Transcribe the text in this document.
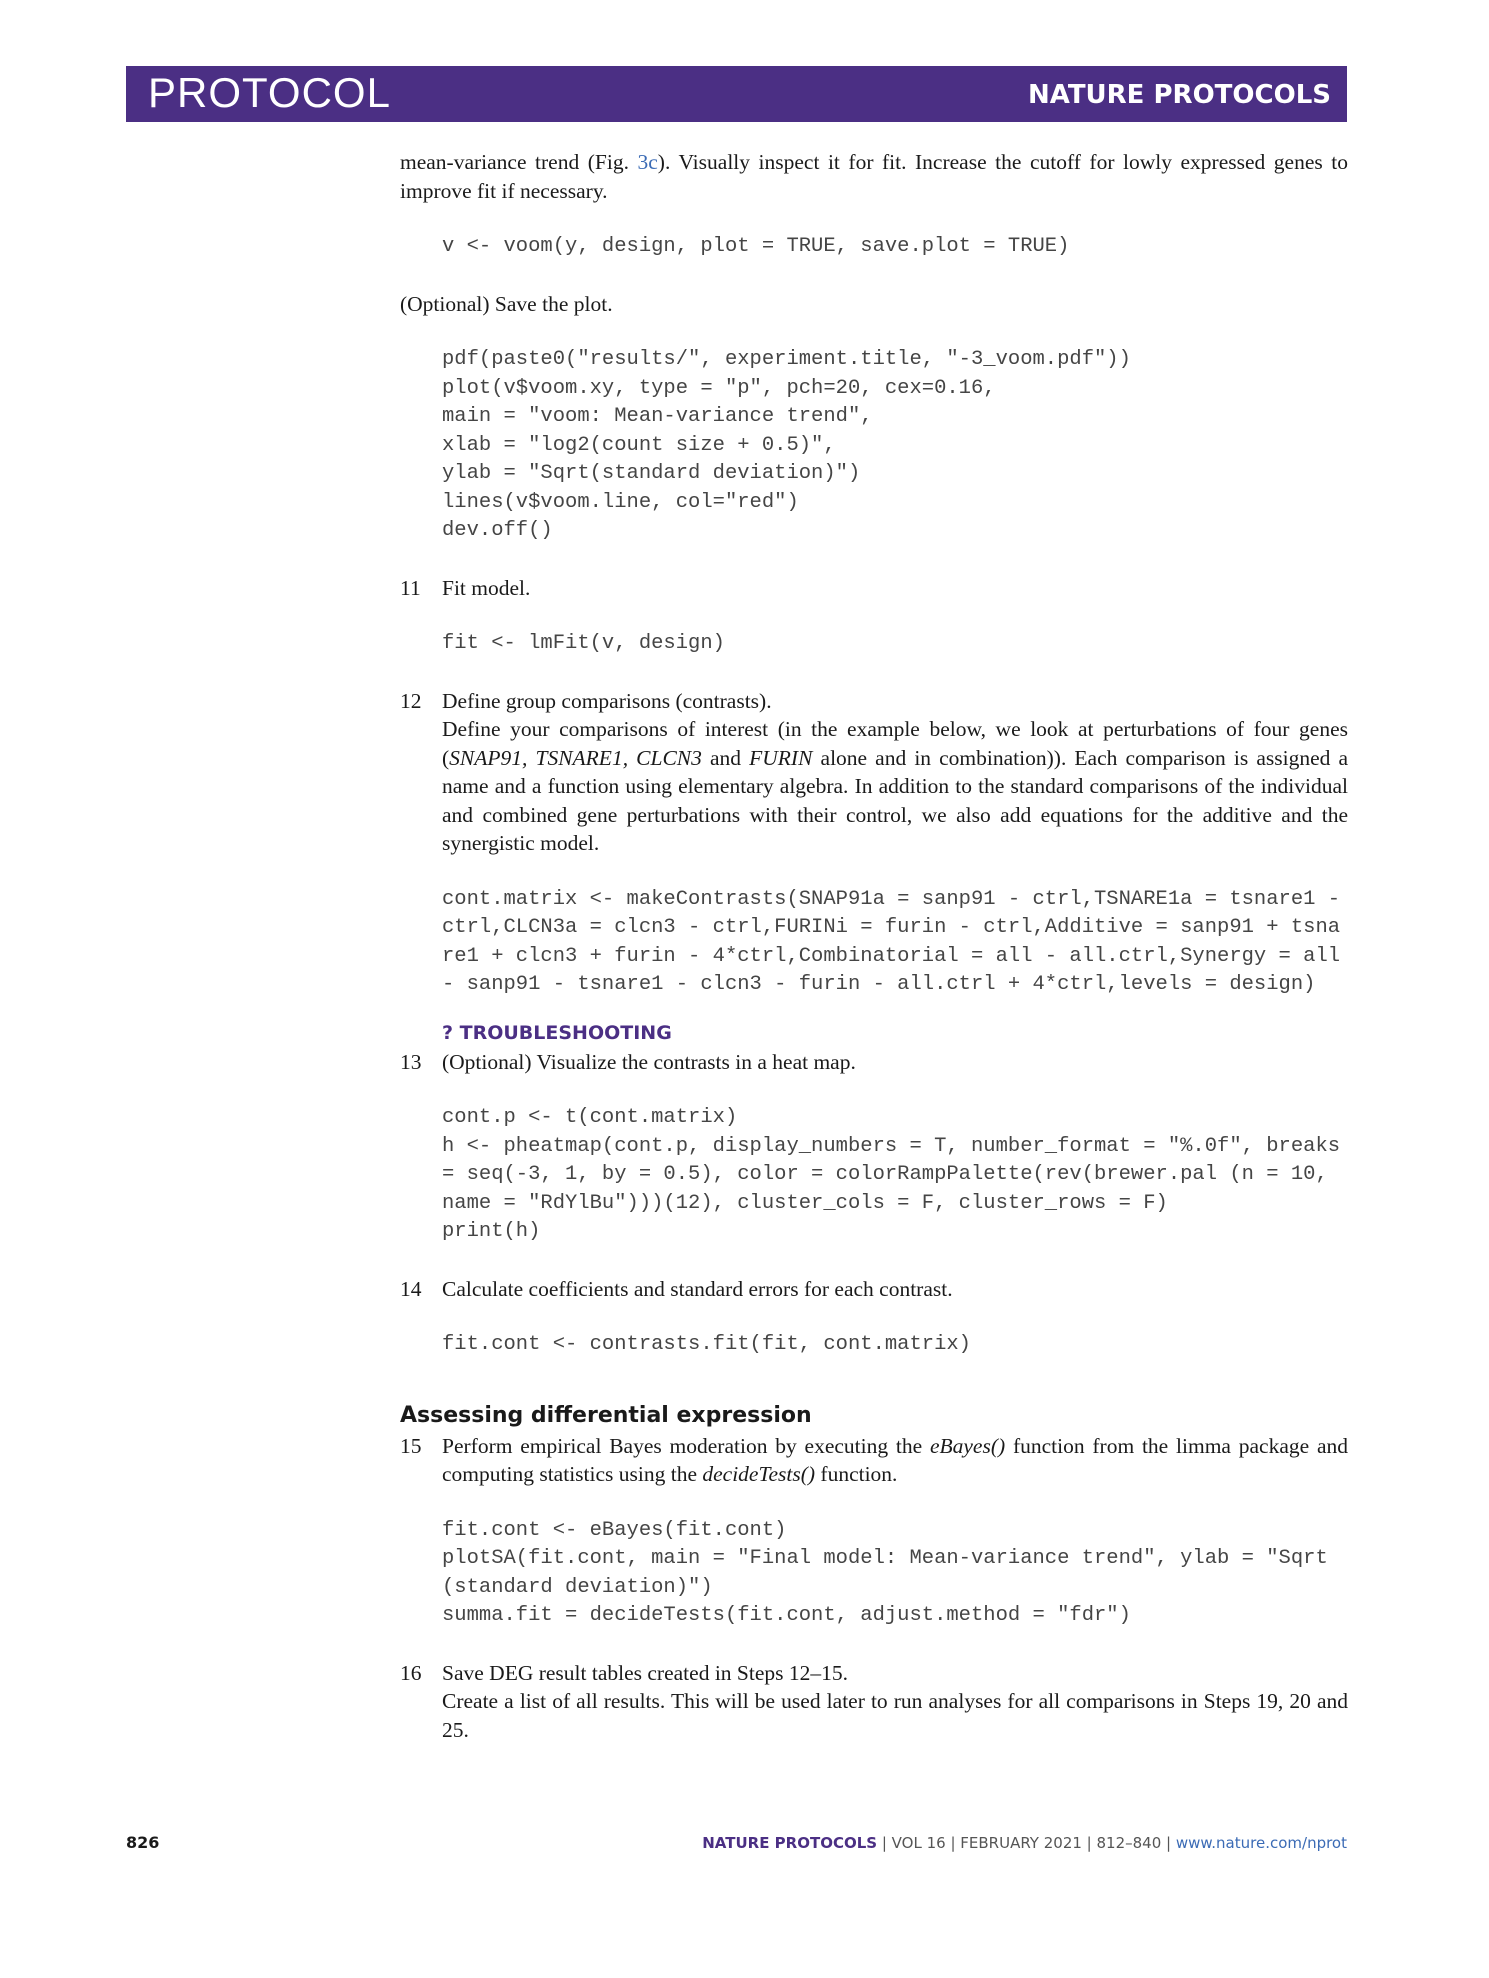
PROTOCOL	NATURE PROTOCOLS

mean-variance trend (Fig. 3c). Visually inspect it for fit. Increase the cutoff for lowly expressed genes to improve fit if necessary.

v <- voom(y, design, plot = TRUE, save.plot = TRUE)

(Optional) Save the plot.

pdf(paste0("results/", experiment.title, "-3_voom.pdf"))
plot(v$voom.xy, type = "p", pch=20, cex=0.16,
main = "voom: Mean-variance trend",
xlab = "log2(count size + 0.5)",
ylab = "Sqrt(standard deviation)")
lines(v$voom.line, col="red")
dev.off()
11 Fit model.

fit <- lmFit(v, design)
12 Define group comparisons (contrasts).

Define your comparisons of interest (in the example below, we look at perturbations of four genes (SNAP91, TSNARE1, CLCN3 and FURIN alone and in combination)). Each comparison is assigned a name and a function using elementary algebra. In addition to the standard comparisons of the individual and combined gene perturbations with their control, we also add equations for the additive and the synergistic model.

cont.matrix <- makeContrasts(SNAP91a = sanp91 - ctrl,TSNARE1a = tsnare1 - ctrl,CLCN3a = clcn3 - ctrl,FURINi = furin - ctrl,Additive = sanp91 + tsnare1 + clcn3 + furin - 4*ctrl,Combinatorial = all - all.ctrl,Synergy = all - sanp91 - tsnare1 - clcn3 - furin - all.ctrl + 4*ctrl,levels = design)
? TROUBLESHOOTING
13 (Optional) Visualize the contrasts in a heat map.

cont.p <- t(cont.matrix)
h <- pheatmap(cont.p, display_numbers = T, number_format = "%.0f", breaks = seq(-3, 1, by = 0.5), color = colorRampPalette(rev(brewer.pal (n = 10, name = "RdYlBu")))(12), cluster_cols = F, cluster_rows = F)
print(h)
14 Calculate coefficients and standard errors for each contrast.

fit.cont <- contrasts.fit(fit, cont.matrix)
Assessing differential expression
15 Perform empirical Bayes moderation by executing the eBayes() function from the limma package and computing statistics using the decideTests() function.

fit.cont <- eBayes(fit.cont)
plotSA(fit.cont, main = "Final model: Mean-variance trend", ylab = "Sqrt (standard deviation)")
summa.fit = decideTests(fit.cont, adjust.method = "fdr")
16 Save DEG result tables created in Steps 12–15.

Create a list of all results. This will be used later to run analyses for all comparisons in Steps 19, 20 and 25.

826	NATURE PROTOCOLS | VOL 16 | FEBRUARY 2021 | 812–840 | www.nature.com/nprot
